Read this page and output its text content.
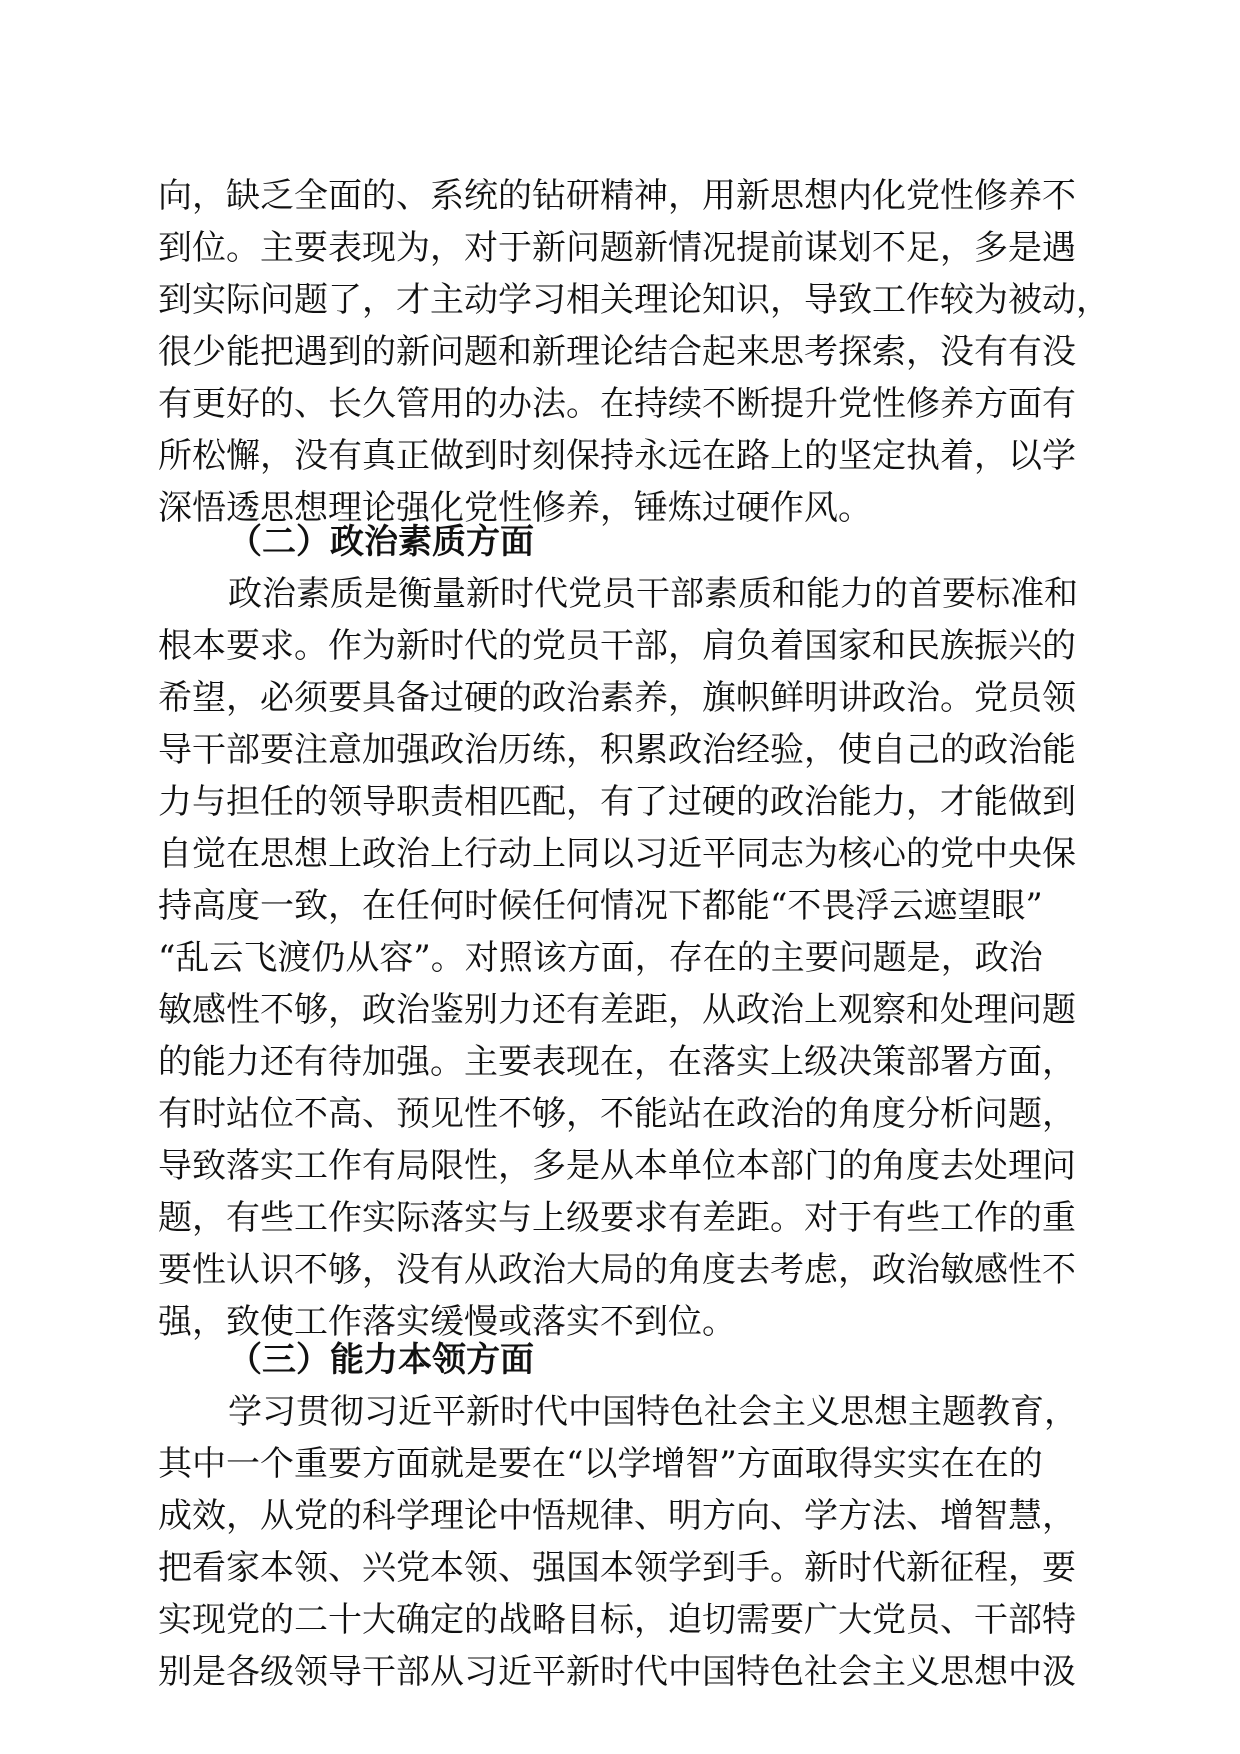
向，缺乏全面的、系统的钻研精神，用新思想内化党性修养不
到位。主要表现为，对于新问题新情况提前谋划不足，多是遇
到实际问题了，才主动学习相关理论知识，导致工作较为被动，
很少能把遇到的新问题和新理论结合起来思考探索，没有有没
有更好的、长久管用的办法。在持续不断提升党性修养方面有
所松懈，没有真正做到时刻保持永远在路上的坚定执着，以学
深悟透思想理论强化党性修养，锤炼过硬作风。
（二）政治素质方面
政治素质是衡量新时代党员干部素质和能力的首要标准和
根本要求。作为新时代的党员干部，肩负着国家和民族振兴的
希望，必须要具备过硬的政治素养，旗帜鲜明讲政治。党员领
导干部要注意加强政治历练，积累政治经验，使自己的政治能
力与担任的领导职责相匹配，有了过硬的政治能力，才能做到
自觉在思想上政治上行动上同以习近平同志为核心的党中央保
持高度一致，在任何时候任何情况下都能“不畏浮云遮望眼”
“乱云飞渡仍从容”。对照该方面，存在的主要问题是，政治
敏感性不够，政治鉴别力还有差距，从政治上观察和处理问题
的能力还有待加强。主要表现在，在落实上级决策部署方面，
有时站位不高、预见性不够，不能站在政治的角度分析问题，
导致落实工作有局限性，多是从本单位本部门的角度去处理问
题，有些工作实际落实与上级要求有差距。对于有些工作的重
要性认识不够，没有从政治大局的角度去考虑，政治敏感性不
强，致使工作落实缓慢或落实不到位。
（三）能力本领方面
学习贯彻习近平新时代中国特色社会主义思想主题教育，
其中一个重要方面就是要在“以学增智”方面取得实实在在的
成效，从党的科学理论中悟规律、明方向、学方法、增智慧，
把看家本领、兴党本领、强国本领学到手。新时代新征程，要
实现党的二十大确定的战略目标，迫切需要广大党员、干部特
别是各级领导干部从习近平新时代中国特色社会主义思想中汲
